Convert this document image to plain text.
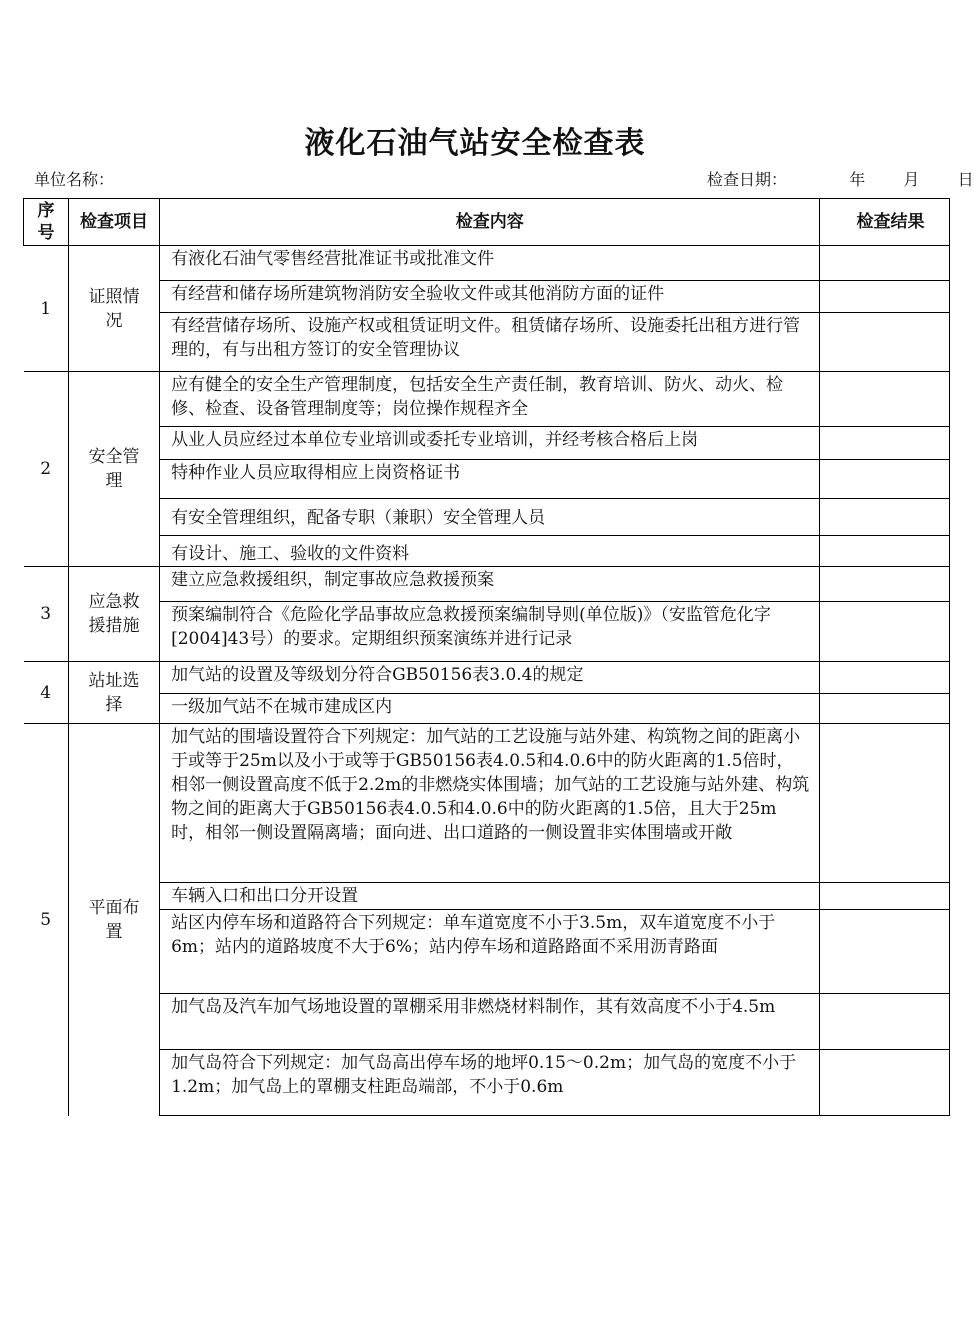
液化石油气站安全检查表
单位名称：	检查日期：	年 月 日
序号	检查项目	检查内容	检查结果
1	证照情况	有液化石油气零售经营批准证书或批准文件	
		有经营和储存场所建筑物消防安全验收文件或其他消防方面的证件	
		有经营储存场所、设施产权或租赁证明文件。租赁储存场所、设施委托出租方进行管理的，有与出租方签订的安全管理协议	
2	安全管理	应有健全的安全生产管理制度，包括安全生产责任制，教育培训、防火、动火、检修、检查、设备管理制度等；岗位操作规程齐全	
		从业人员应经过本单位专业培训或委托专业培训，并经考核合格后上岗	
		特种作业人员应取得相应上岗资格证书	
		有安全管理组织，配备专职（兼职）安全管理人员	
		有设计、施工、验收的文件资料	
3	应急救援措施	建立应急救援组织，制定事故应急救援预案	
		预案编制符合《危险化学品事故应急救援预案编制导则(单位版)》（安监管危化字[2004]43号）的要求。定期组织预案演练并进行记录	
4	站址选择	加气站的设置及等级划分符合GB50156表3.0.4的规定	
		一级加气站不在城市建成区内	
5	平面布置	加气站的围墙设置符合下列规定：加气站的工艺设施与站外建、构筑物之间的距离小于或等于25m以及小于或等于GB50156表4.0.5和4.0.6中的防火距离的1.5倍时，相邻一侧设置高度不低于2.2m的非燃烧实体围墙；加气站的工艺设施与站外建、构筑物之间的距离大于GB50156表4.0.5和4.0.6中的防火距离的1.5倍，且大于25m时，相邻一侧设置隔离墙；面向进、出口道路的一侧设置非实体围墙或开敞	
		车辆入口和出口分开设置	
		站区内停车场和道路符合下列规定：单车道宽度不小于3.5m，双车道宽度不小于6m；站内的道路坡度不大于6%；站内停车场和道路路面不采用沥青路面	
		加气岛及汽车加气场地设置的罩棚采用非燃烧材料制作，其有效高度不小于4.5m	
		加气岛符合下列规定：加气岛高出停车场的地坪0.15～0.2m；加气岛的宽度不小于1.2m；加气岛上的罩棚支柱距岛端部，不小于0.6m	
